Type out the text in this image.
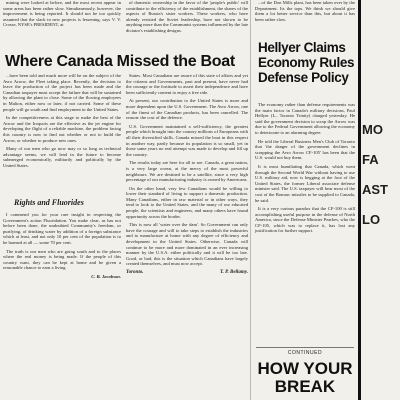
mining were looked at before, and the most recent appear in some areas has been rather slow. Simultaneously, however, the improvement is being reported. It should not be too quickly assumed that the slack in new projects is lessening, says V. V. Crosse, NYSE's PRESIDENT, at

of domestic ownership in the favor of the 'people's public' will contribute to the efficiency of the establishment, the shares of the aspects of Russia's sister workers. These workers, who have already resisted the Soviet leadership, have not shown to be anything more than the Communist systems influenced by the late dictator's establishing designs.

Where Canada Missed the Boat

...have been told and much more will be on the subject of the Avro Arrow, the Fleet taking place. Recently, the decision to leave the production of the project has been made and the Canadian taxpayer must accept the failure that will be sustained by allowing the plant to close. Some of the flowing employees in Malton, either now or later, if not carried. Some of these people will go south and find employment in the United States.

In the competitiveness at this stage to make the best of the Arrow and the Iroquois are the effective as the jet engine for developing the flight of a reliable machine, the problem facing this country is now to find out whether or not to build the Arrow, or whether to produce new ones.

Many of our men who go now may or so long as technical advantage seems, we will lead in the future to become submerged economically, militarily and politically by the United States.

Rights and Fluorides

I commend you for your rare insight in respecting the Government's action Fluoridation. You make clear, as has not before been done, the undoubted Community's freedom, or purifying, of drinking water by addition of a foreign substance which at least, and not only 10 per cent of the population is to be harmed at all — some 70 per cent.

The truth is our men who are going south and to the places where the real money is being made. If the people of this country want, they can be kept at home and be given a reasonable chance to earn a living.

C. B. Jacobson.

States. Most Canadians are aware of this state of affairs and yet the citizens and Governments, past and present, have never had the courage or the fortitude to assert their independence and have been sufficiently content to enjoy a free ride.

At present, our contribution to the United States is more and more dependent upon the U.S. Government. The Avro Arrow, one of the finest of the Canadian products, has been cancelled. The reason: the cost of the defence.

U.S. Government maintained a self-sufficiency, the greatest people which brought into the country millions of Europeans with all their diversified skills. Canada missed the boat in this respect in another way, partly because its population is so small, yet in those same years no real attempt was made to develop and fill up the country.

The results today are here for all to see. Canada, a great nation, is a very large ocean, at the mercy of the most powerful neighbours. We are destined to be a satellite, since a very high percentage of our manufacturing industry is owned by Americans.

On the other hand, very few Canadians would be willing to lower their standard of living to support a domestic production. Many Canadians, either in raw material or in other ways, they tend to look to the United States, and the many of our educated people, the scientists and engineers, and many others have found opportunity across the border.

This is now all 'water over the dam'. So Government can only have the courage and will to take steps to establish the industries and to manufacture at home with any degree of efficiency and development in the United States. Otherwise, Canada will continue to be more and more dominated in an ever increasing manner by the U.S.A. either politically and it will be too late. Good, or bad, this is the situation which Canadians have largely created themselves, and must now accept.

Toronto.	T. P. Bellamy.

...of the Don Mills plant, has been taken over by the Department. Its the tops. We think we should give them a lot better service than this, but about it has been rather slow.

Hellyer Claims Economy Rules Defense Policy

The economy rather than defense requirements was the main factor in Canada's military decisions, Paul Hellyer (L., Toronto Trinity) charged yesterday. He said the government decision to scrap the Arrow was due to the Federal Government allowing the economy to deteriorate to an alarming degree.

He told the Liberal Business Men's Club of Toronto that 'the danger of the government declines in scrapping the Avro Arrow CF-105' has been that the U.S. would not buy them.

It is most humiliating that Canada, which went through the Second World War without having to use U.S. military aid, now is begging at the foot of the United States, the former Liberal associate defense minister said. The U.S. taxpayer will bear most of the cost of the Bomarc missiles to be supplied to Canada, he said.

It is a very curious paradox that the CF-100 is still accomplishing useful purpose in the defense of North America, since the Defense Minister Pearkes, who the CF-105, which was to replace it, has lost any justification for further support.

CONTINUED
HOW YOUR BREAK
MO FA AST LO
